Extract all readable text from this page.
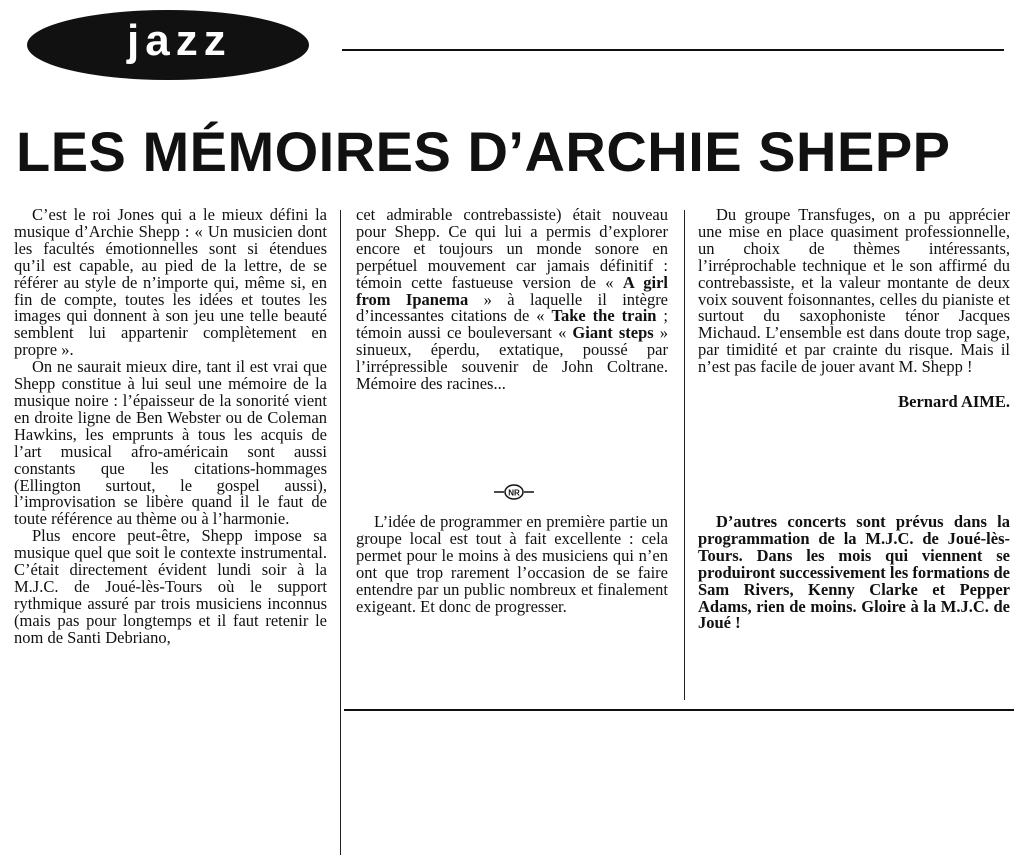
jazz
LES MÉMOIRES D’ARCHIE SHEPP

C’est le roi Jones qui a le mieux défini la musique d’Archie Shepp : « Un musicien dont les facultés émotionnelles sont si étendues qu’il est capable, au pied de la lettre, de se référer au style de n’importe qui, même si, en fin de compte, toutes les idées et toutes les images qui donnent à son jeu une telle beauté semblent lui appartenir complètement en propre ».

On ne saurait mieux dire, tant il est vrai que Shepp constitue à lui seul une mémoire de la musique noire : l’épaisseur de la sonorité vient en droite ligne de Ben Webster ou de Coleman Hawkins, les emprunts à tous les acquis de l’art musical afro-américain sont aussi constants que les citations-hommages (Ellington surtout, le gospel aussi), l’improvisation se libère quand il le faut de toute référence au thème ou à l’harmonie.

Plus encore peut-être, Shepp impose sa musique quel que soit le contexte instrumental. C’était directement évident lundi soir à la M.J.C. de Joué-lès-Tours où le support rythmique assuré par trois musiciens inconnus (mais pas pour longtemps et il faut retenir le nom de Santi Debriano,

cet admirable contrebassiste) était nouveau pour Shepp. Ce qui lui a permis d’explorer encore et toujours un monde sonore en perpétuel mouvement car jamais définitif : témoin cette fastueuse version de « A girl from Ipanema » à laquelle il intègre d’incessantes citations de « Take the train ; témoin aussi ce bouleversant « Giant steps » sinueux, éperdu, extatique, poussé par l’irrépressible souvenir de John Coltrane. Mémoire des racines...

NR

L’idée de programmer en première partie un groupe local est tout à fait excellente : cela permet pour le moins à des musiciens qui n’en ont que trop rarement l’occasion de se faire entendre par un public nombreux et finalement exigeant. Et donc de progresser.

Du groupe Transfuges, on a pu apprécier une mise en place quasiment professionnelle, un choix de thèmes intéressants, l’irréprochable technique et le son affirmé du contrebassiste, et la valeur montante de deux voix souvent foisonnantes, celles du pianiste et surtout du saxophoniste ténor Jacques Michaud. L’ensemble est dans doute trop sage, par timidité et par crainte du risque. Mais il n’est pas facile de jouer avant M. Shepp !

Bernard AIME.

D’autres concerts sont prévus dans la programmation de la M.J.C. de Joué-lès-Tours. Dans les mois qui viennent se produiront successivement les formations de Sam Rivers, Kenny Clarke et Pepper Adams, rien de moins. Gloire à la M.J.C. de Joué !
